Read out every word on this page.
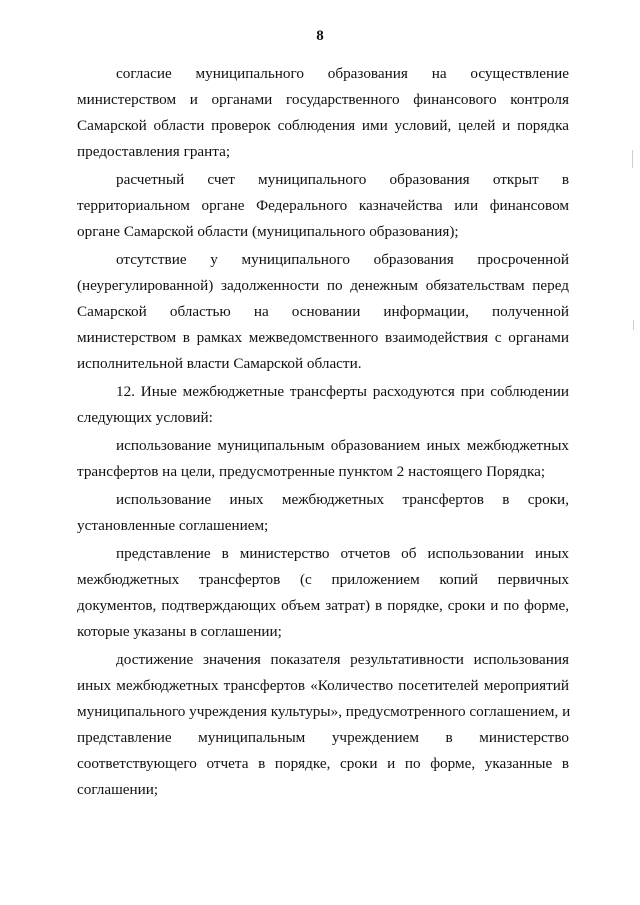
8
согласие муниципального образования на осуществление
министерством и органами государственного финансового контроля
Самарской области проверок соблюдения ими условий, целей и порядка
предоставления гранта;
расчетный счет муниципального образования открыт в
территориальном органе Федерального казначейства или финансовом
органе Самарской области (муниципального образования);
отсутствие у муниципального образования просроченной
(неурегулированной) задолженности по денежным обязательствам перед
Самарской областью на основании информации, полученной
министерством в рамках межведомственного взаимодействия с органами
исполнительной власти Самарской области.
12. Иные межбюджетные трансферты расходуются при соблюдении
следующих условий:
использование муниципальным образованием иных межбюджетных
трансфертов на цели, предусмотренные пунктом 2 настоящего Порядка;
использование иных межбюджетных трансфертов в сроки,
установленные соглашением;
представление в министерство отчетов об использовании иных
межбюджетных трансфертов (с приложением копий первичных
документов, подтверждающих объем затрат) в порядке, сроки и по форме,
которые указаны в соглашении;
достижение значения показателя результативности использования
иных межбюджетных трансфертов «Количество посетителей мероприятий
муниципального учреждения культуры», предусмотренного соглашением, и
представление муниципальным учреждением в министерство
соответствующего отчета в порядке, сроки и по форме, указанные в
соглашении;
